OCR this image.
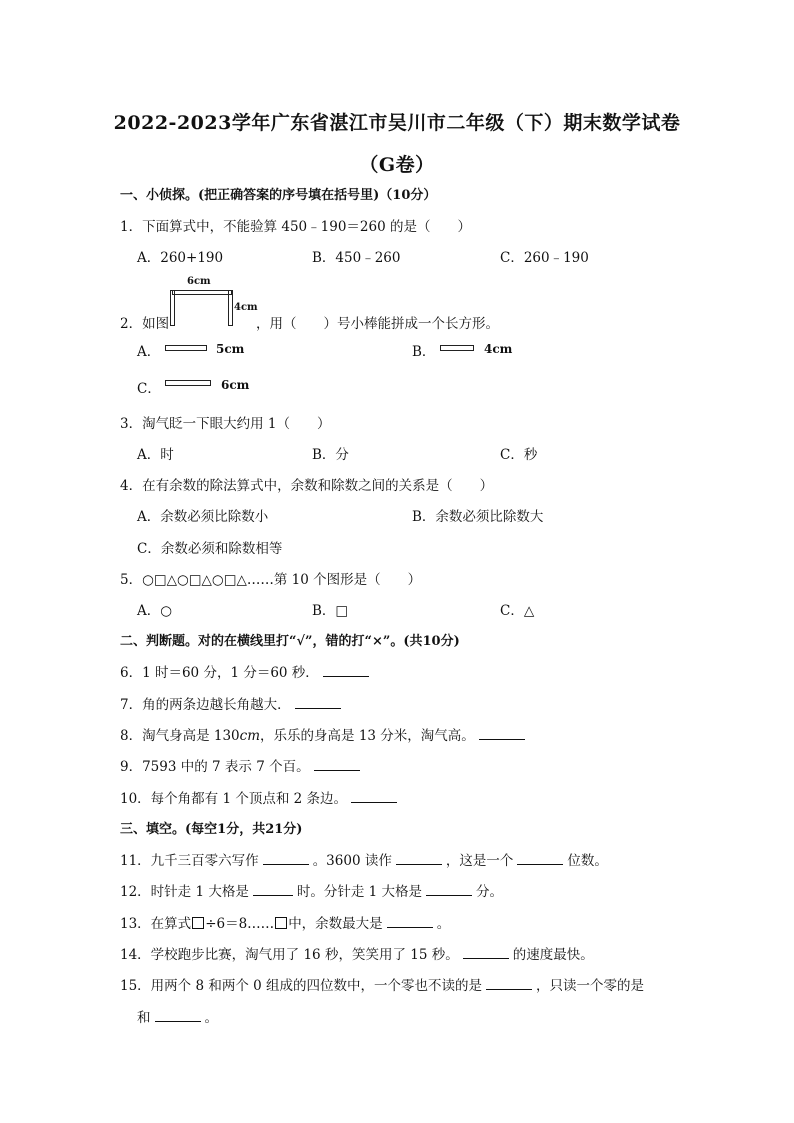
2022-2023学年广东省湛江市吴川市二年级（下）期末数学试卷
（G卷）
一、小侦探。(把正确答案的序号填在括号里)（10分）
1．下面算式中，不能验算 450﹣190＝260 的是（　　）
A．260+190	B．450﹣260	C．260﹣190
6cm
4cm
2．如图	，用（　　）号小棒能拼成一个长方形。
A．	5cm	B．	4cm
C．	6cm
3．淘气眨一下眼大约用 1（　　）
A．时	B．分	C．秒
4．在有余数的除法算式中，余数和除数之间的关系是（　　）
A．余数必须比除数小	B．余数必须比除数大
C．余数必须和除数相等
5．○□△○□△○□△……第 10 个图形是（　　）
A．○	B．□	C．△
二、判断题。对的在横线里打“√”，错的打“×”。(共10分)
6．1 时＝60 分，1 分＝60 秒．
7．角的两条边越长角越大．
8．淘气身高是 130cm，乐乐的身高是 13 分米，淘气高。
9．7593 中的 7 表示 7 个百。
10．每个角都有 1 个顶点和 2 条边。
三、填空。(每空1分，共21分)
11．九千三百零六写作	。3600 读作	，这是一个	位数。
12．时针走 1 大格是	时。分针走 1 大格是	分。
13．在算式 ÷6＝8…… 中，余数最大是	。
14．学校跑步比赛，淘气用了 16 秒，笑笑用了 15 秒。	的速度最快。
15．用两个 8 和两个 0 组成的四位数中，一个零也不读的是	，只读一个零的是
和	。
